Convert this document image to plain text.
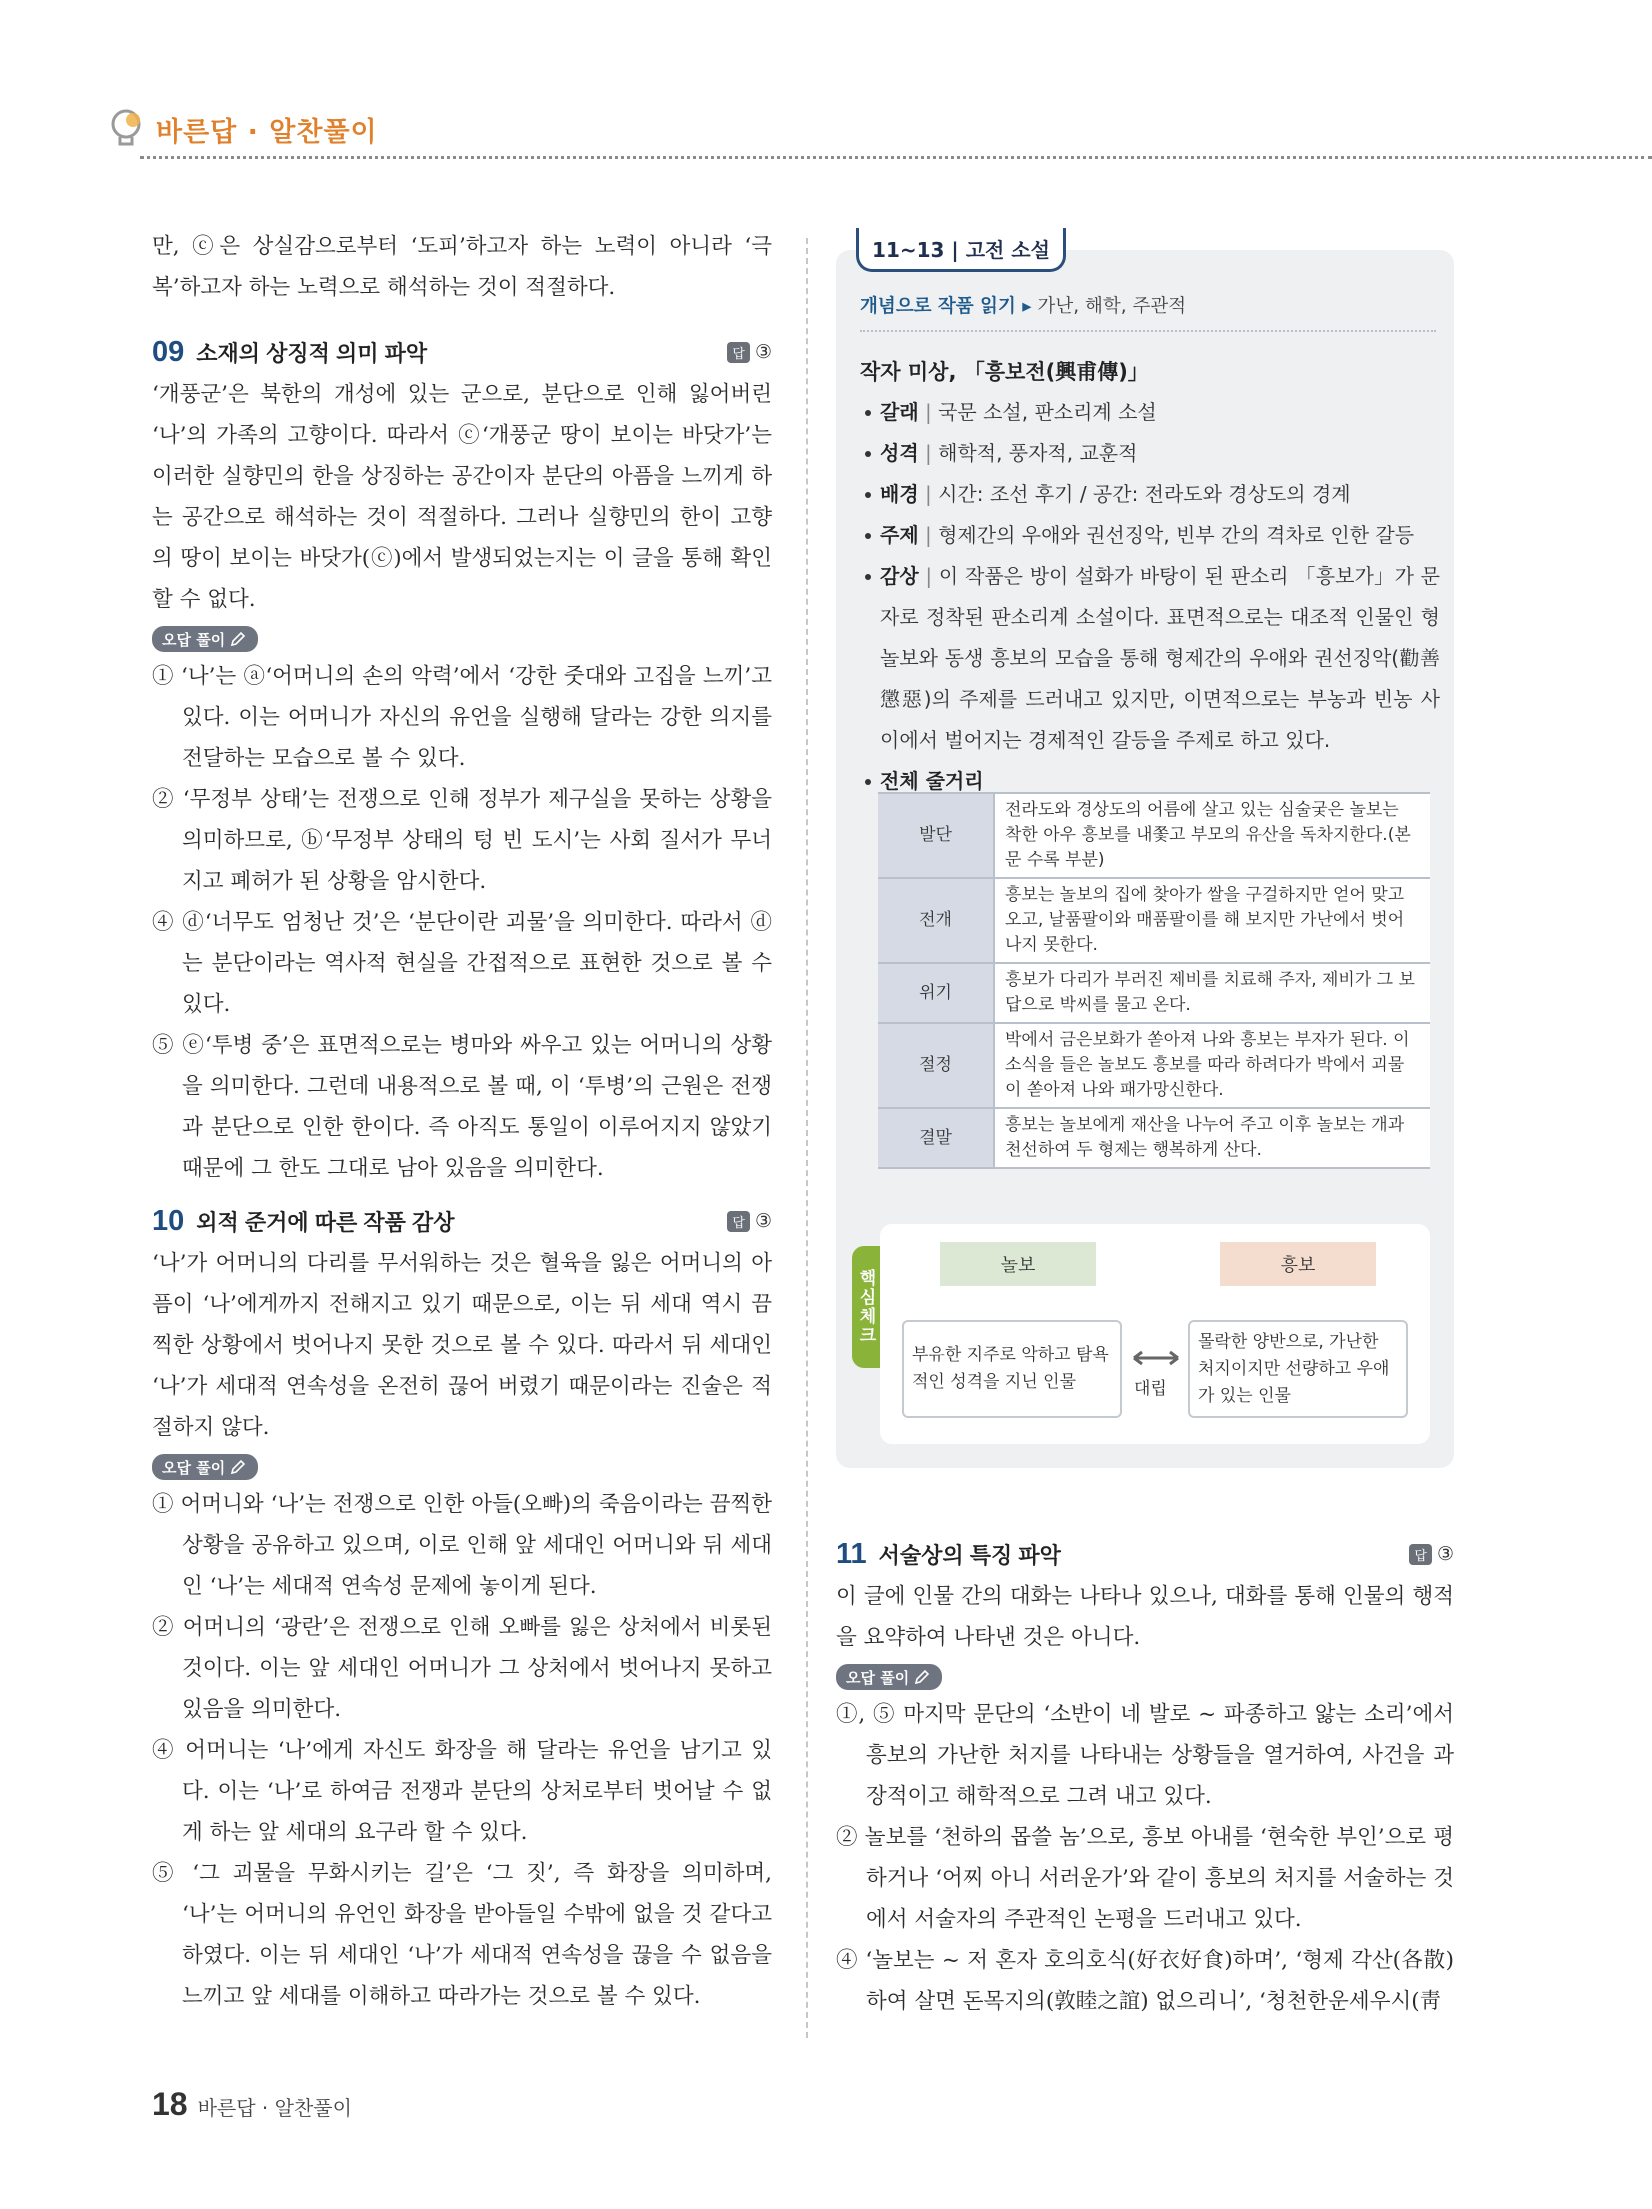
바른답 · 알찬풀이

만, ⓒ은 상실감으로부터 ‘도피’하고자 하는 노력이 아니라 ‘극복’하고자 하는 노력으로 해석하는 것이 적절하다.

09 소재의 상징적 의미 파악	답 ③

‘개풍군’은 북한의 개성에 있는 군으로, 분단으로 인해 잃어버린 ‘나’의 가족의 고향이다. 따라서 ⓒ‘개풍군 땅이 보이는 바닷가’는 이러한 실향민의 한을 상징하는 공간이자 분단의 아픔을 느끼게 하는 공간으로 해석하는 것이 적절하다. 그러나 실향민의 한이 고향의 땅이 보이는 바닷가(ⓒ)에서 발생되었는지는 이 글을 통해 확인할 수 없다.

오답 풀이

① ‘나’는 ⓐ‘어머니의 손의 악력’에서 ‘강한 줏대와 고집을 느끼’고 있다. 이는 어머니가 자신의 유언을 실행해 달라는 강한 의지를 전달하는 모습으로 볼 수 있다.

② ‘무정부 상태’는 전쟁으로 인해 정부가 제구실을 못하는 상황을 의미하므로, ⓑ‘무정부 상태의 텅 빈 도시’는 사회 질서가 무너지고 폐허가 된 상황을 암시한다.

④ ⓓ‘너무도 엄청난 것’은 ‘분단이란 괴물’을 의미한다. 따라서 ⓓ는 분단이라는 역사적 현실을 간접적으로 표현한 것으로 볼 수 있다.

⑤ ⓔ‘투병 중’은 표면적으로는 병마와 싸우고 있는 어머니의 상황을 의미한다. 그런데 내용적으로 볼 때, 이 ‘투병’의 근원은 전쟁과 분단으로 인한 한이다. 즉 아직도 통일이 이루어지지 않았기 때문에 그 한도 그대로 남아 있음을 의미한다.

10 외적 준거에 따른 작품 감상	답 ③

‘나’가 어머니의 다리를 무서워하는 것은 혈육을 잃은 어머니의 아픔이 ‘나’에게까지 전해지고 있기 때문으로, 이는 뒤 세대 역시 끔찍한 상황에서 벗어나지 못한 것으로 볼 수 있다. 따라서 뒤 세대인 ‘나’가 세대적 연속성을 온전히 끊어 버렸기 때문이라는 진술은 적절하지 않다.

오답 풀이

① 어머니와 ‘나’는 전쟁으로 인한 아들(오빠)의 죽음이라는 끔찍한 상황을 공유하고 있으며, 이로 인해 앞 세대인 어머니와 뒤 세대인 ‘나’는 세대적 연속성 문제에 놓이게 된다.

② 어머니의 ‘광란’은 전쟁으로 인해 오빠를 잃은 상처에서 비롯된 것이다. 이는 앞 세대인 어머니가 그 상처에서 벗어나지 못하고 있음을 의미한다.

④ 어머니는 ‘나’에게 자신도 화장을 해 달라는 유언을 남기고 있다. 이는 ‘나’로 하여금 전쟁과 분단의 상처로부터 벗어날 수 없게 하는 앞 세대의 요구라 할 수 있다.

⑤ ‘그 괴물을 무화시키는 길’은 ‘그 짓’, 즉 화장을 의미하며, ‘나’는 어머니의 유언인 화장을 받아들일 수밖에 없을 것 같다고 하였다. 이는 뒤 세대인 ‘나’가 세대적 연속성을 끊을 수 없음을 느끼고 앞 세대를 이해하고 따라가는 것으로 볼 수 있다.

11~13 | 고전 소설
개념으로 작품 읽기 ▸ 가난, 해학, 주관적
작자 미상, 「흥보전(興甫傳)」
갈래 | 국문 소설, 판소리계 소설
성격 | 해학적, 풍자적, 교훈적
배경 | 시간: 조선 후기 / 공간: 전라도와 경상도의 경계
주제 | 형제간의 우애와 권선징악, 빈부 간의 격차로 인한 갈등
감상 | 이 작품은 방이 설화가 바탕이 된 판소리 「흥보가」가 문자로 정착된 판소리계 소설이다. 표면적으로는 대조적 인물인 형 놀보와 동생 흥보의 모습을 통해 형제간의 우애와 권선징악(勸善懲惡)의 주제를 드러내고 있지만, 이면적으로는 부농과 빈농 사이에서 벌어지는 경제적인 갈등을 주제로 하고 있다.
전체 줄거리
발단	전라도와 경상도의 어름에 살고 있는 심술궂은 놀보는 착한 아우 흥보를 내쫓고 부모의 유산을 독차지한다.(본문 수록 부분)
전개	흥보는 놀보의 집에 찾아가 쌀을 구걸하지만 얻어 맞고 오고, 날품팔이와 매품팔이를 해 보지만 가난에서 벗어나지 못한다.
위기	흥보가 다리가 부러진 제비를 치료해 주자, 제비가 그 보답으로 박씨를 물고 온다.
절정	박에서 금은보화가 쏟아져 나와 흥보는 부자가 된다. 이 소식을 들은 놀보도 흥보를 따라 하려다가 박에서 괴물이 쏟아져 나와 패가망신한다.
결말	흥보는 놀보에게 재산을 나누어 주고 이후 놀보는 개과천선하여 두 형제는 행복하게 산다.
핵심체크
놀보	흥보
부유한 지주로 악하고 탐욕적인 성격을 지닌 인물
몰락한 양반으로, 가난한 처지이지만 선량하고 우애가 있는 인물
대립
11 서술상의 특징 파악	답 ③

이 글에 인물 간의 대화는 나타나 있으나, 대화를 통해 인물의 행적을 요약하여 나타낸 것은 아니다.

오답 풀이

①, ⑤ 마지막 문단의 ‘소반이 네 발로 ~ 파종하고 앓는 소리’에서 흥보의 가난한 처지를 나타내는 상황들을 열거하여, 사건을 과장적이고 해학적으로 그려 내고 있다.

② 놀보를 ‘천하의 몹쓸 놈’으로, 흥보 아내를 ‘현숙한 부인’으로 평하거나 ‘어찌 아니 서러운가’와 같이 흥보의 처지를 서술하는 것에서 서술자의 주관적인 논평을 드러내고 있다.

④ ‘놀보는 ~ 저 혼자 호의호식(好衣好食)하며’, ‘형제 각산(各散)하여 살면 돈목지의(敦睦之誼) 없으리니’, ‘청천한운세우시(靑

18 바른답 · 알찬풀이
